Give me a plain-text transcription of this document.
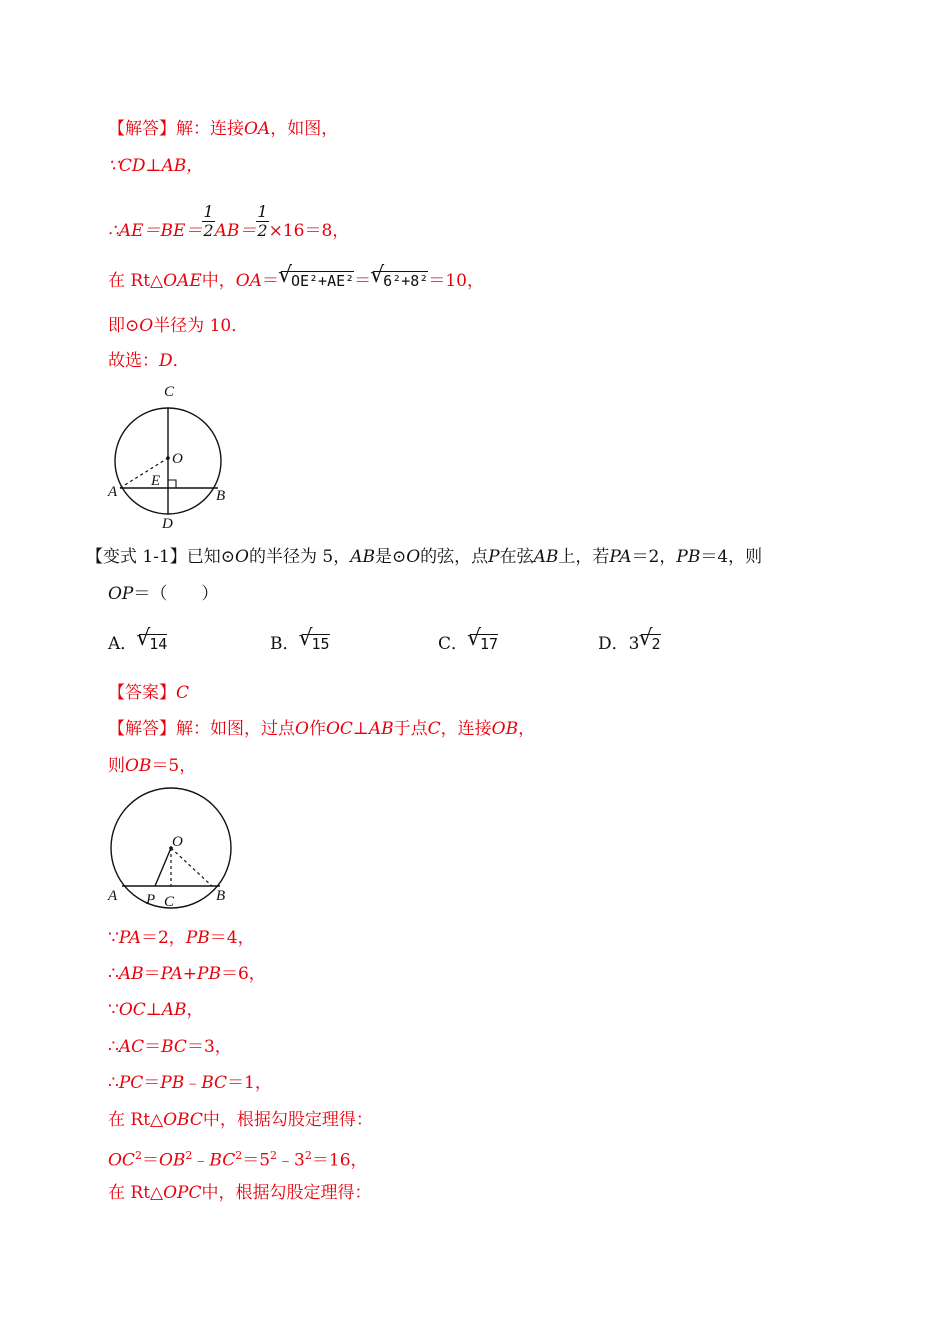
【解答】解：连接OA，如图，
∵CD⊥AB，
∴AE＝BE＝ $\frac{1}{2} AB= \frac{1}{2} \times 16=8$，
在 Rt△OAE中，OA＝ √ OE²+AE²＝ √ 6²+8²＝10，
即⊙O半径为 10．
故选：D．
C
O
A
E
B
D
【变式 1-1】已知⊙O的半径为 5，AB是⊙O的弦，点P在弦AB上，若PA＝2，PB＝4，则
OP＝（　　）
A． √ 14	B． √ 15	C． √ 17	D．3 √ 2
【答案】C
【解答】解：如图，过点O作OC⊥AB于点C，连接OB，
则OB＝5，
O
A P C	B
∵PA＝2，PB＝4，
∴AB＝PA+PB＝6，
∵OC⊥AB，
∴AC＝BC＝3，
∴PC＝PB﹣BC＝1，
在 Rt△OBC中，根据勾股定理得：
$OC^2=OB^2﹣BC^2=5^2﹣3^2=16$，
在 Rt△OPC中，根据勾股定理得：
